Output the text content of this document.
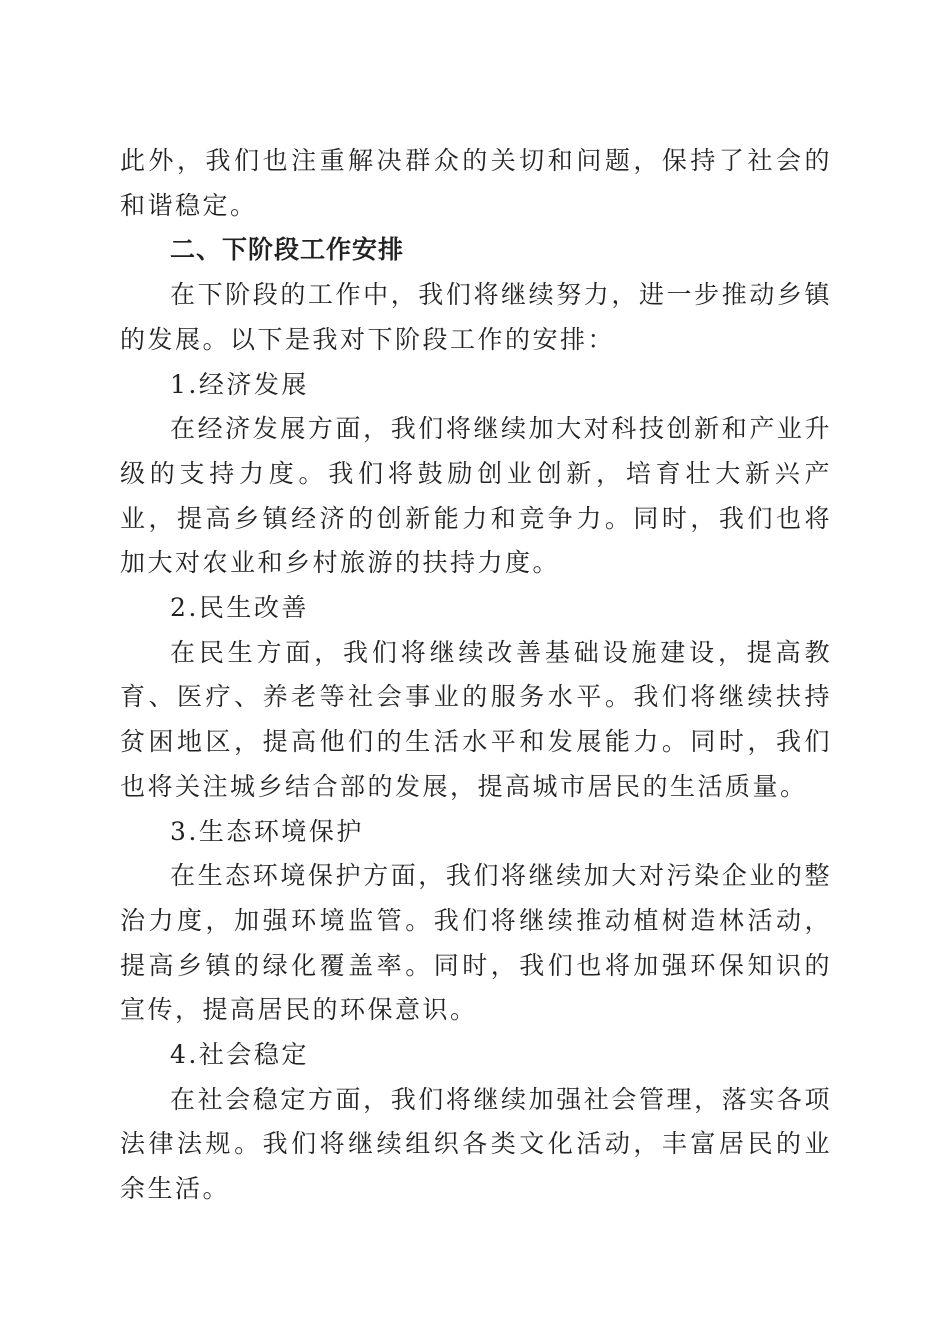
此外，我们也注重解决群众的关切和问题，保持了社会的和谐稳定。

二、下阶段工作安排

在下阶段的工作中，我们将继续努力，进一步推动乡镇的发展。以下是我对下阶段工作的安排：

1.经济发展

在经济发展方面，我们将继续加大对科技创新和产业升级的支持力度。我们将鼓励创业创新，培育壮大新兴产业，提高乡镇经济的创新能力和竞争力。同时，我们也将加大对农业和乡村旅游的扶持力度。

2.民生改善

在民生方面，我们将继续改善基础设施建设，提高教育、医疗、养老等社会事业的服务水平。我们将继续扶持贫困地区，提高他们的生活水平和发展能力。同时，我们也将关注城乡结合部的发展，提高城市居民的生活质量。

3.生态环境保护

在生态环境保护方面，我们将继续加大对污染企业的整治力度，加强环境监管。我们将继续推动植树造林活动，提高乡镇的绿化覆盖率。同时，我们也将加强环保知识的宣传，提高居民的环保意识。

4.社会稳定

在社会稳定方面，我们将继续加强社会管理，落实各项法律法规。我们将继续组织各类文化活动，丰富居民的业余生活。
